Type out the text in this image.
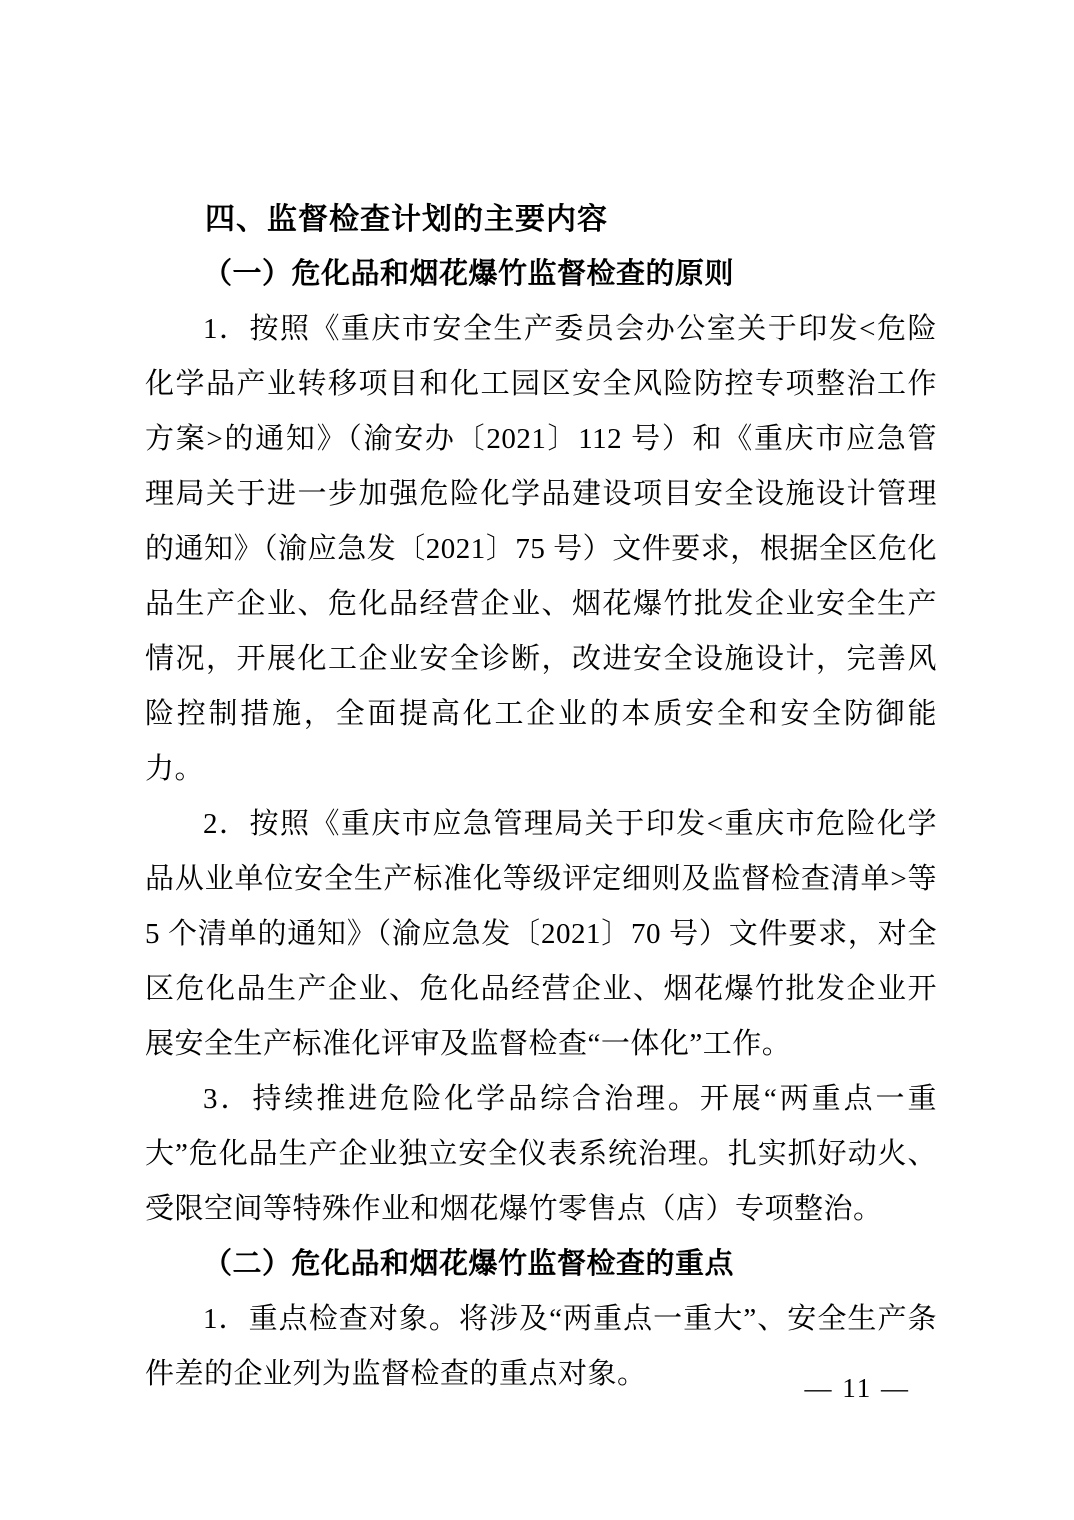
四、监督检查计划的主要内容
（一）危化品和烟花爆竹监督检查的原则

1．按照《重庆市安全生产委员会办公室关于印发<危险化学品产业转移项目和化工园区安全风险防控专项整治工作方案>的通知》（渝安办〔2021〕112 号）和《重庆市应急管理局关于进一步加强危险化学品建设项目安全设施设计管理的通知》（渝应急发〔2021〕75 号）文件要求，根据全区危化品生产企业、危化品经营企业、烟花爆竹批发企业安全生产情况，开展化工企业安全诊断，改进安全设施设计，完善风险控制措施，全面提高化工企业的本质安全和安全防御能力。

2．按照《重庆市应急管理局关于印发<重庆市危险化学品从业单位安全生产标准化等级评定细则及监督检查清单>等 5 个清单的通知》（渝应急发〔2021〕70 号）文件要求，对全区危化品生产企业、危化品经营企业、烟花爆竹批发企业开展安全生产标准化评审及监督检查“一体化”工作。

3．持续推进危险化学品综合治理。开展“两重点一重大”危化品生产企业独立安全仪表系统治理。扎实抓好动火、受限空间等特殊作业和烟花爆竹零售点（店）专项整治。

（二）危化品和烟花爆竹监督检查的重点

1．重点检查对象。将涉及“两重点一重大”、安全生产条件差的企业列为监督检查的重点对象。	— 11 —
